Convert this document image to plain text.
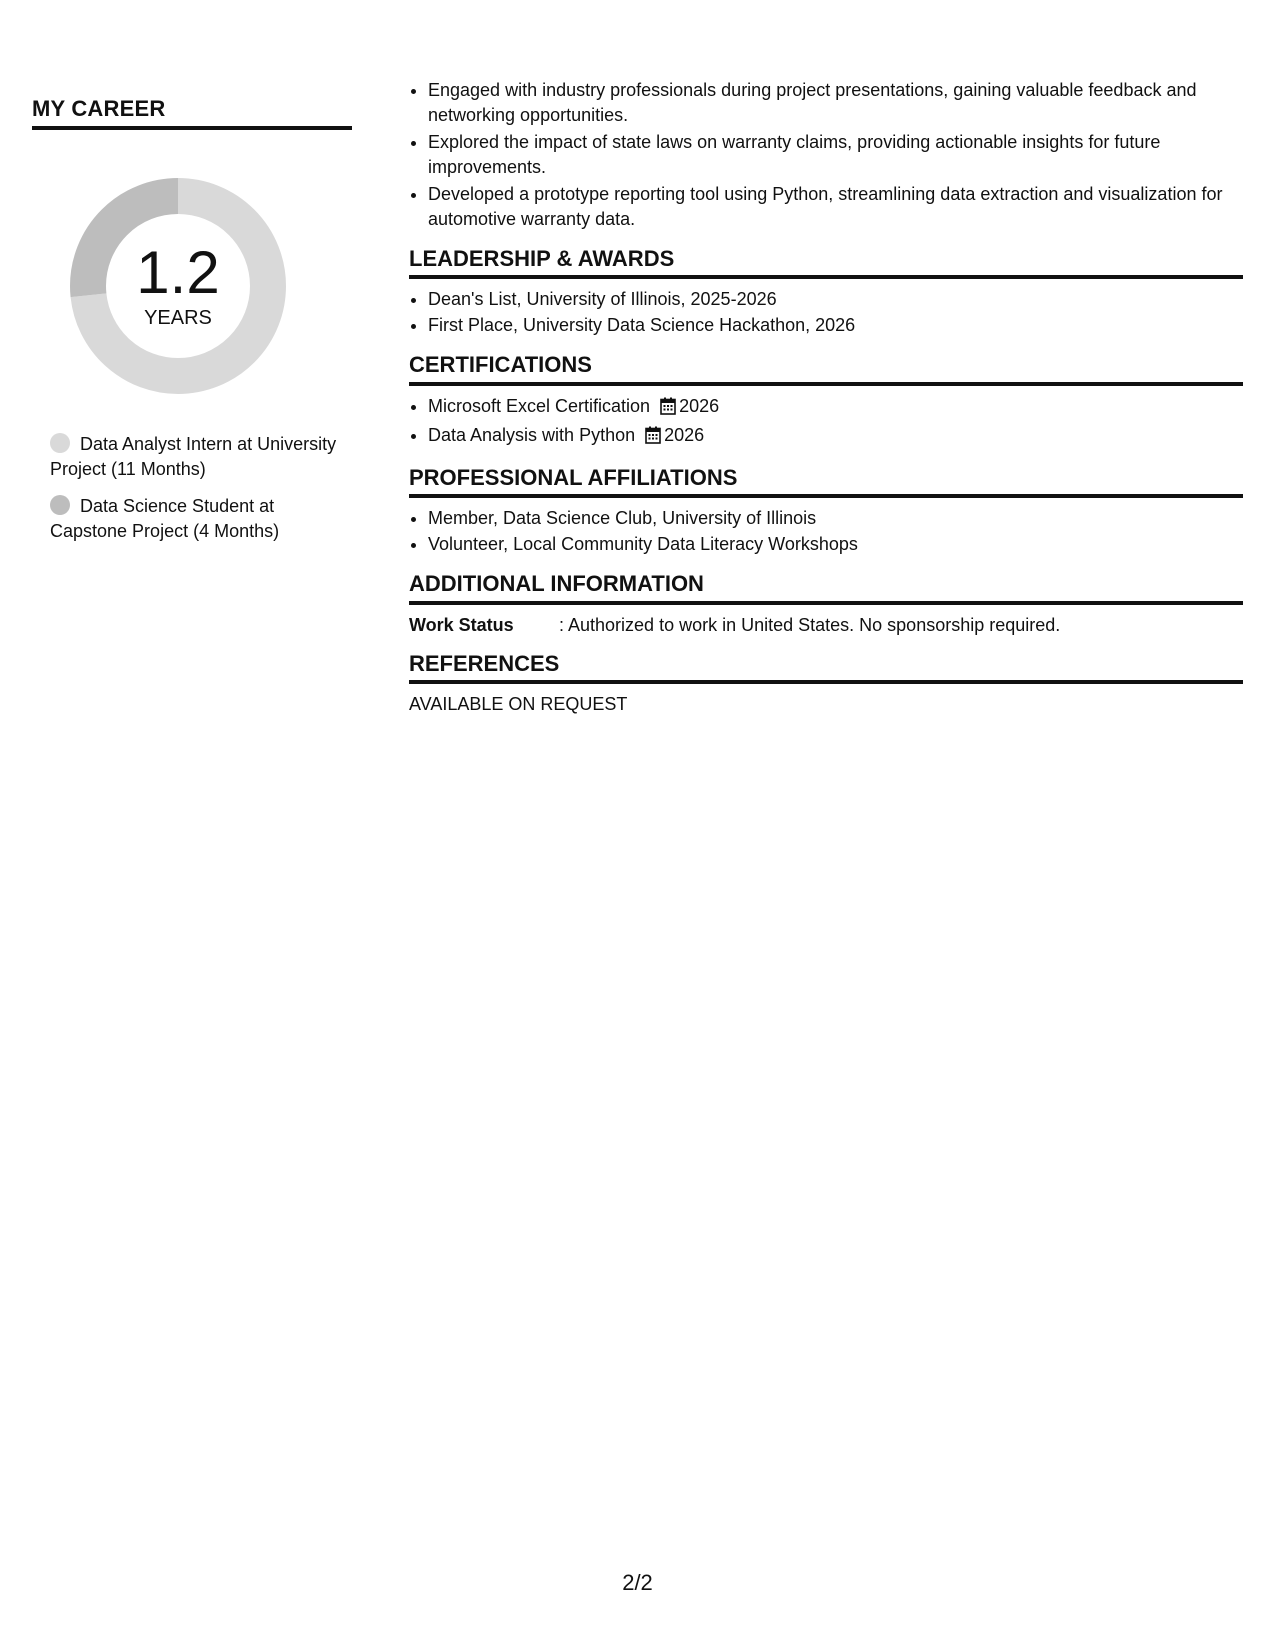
MY CAREER
1.2
YEARS
Data Analyst Intern at University Project (11 Months)
Data Science Student at Capstone Project (4 Months)
• Engaged with industry professionals during project presentations, gaining valuable feedback and networking opportunities.
• Explored the impact of state laws on warranty claims, providing actionable insights for future improvements.
• Developed a prototype reporting tool using Python, streamlining data extraction and visualization for automotive warranty data.
LEADERSHIP & AWARDS
• Dean's List, University of Illinois, 2025-2026
• First Place, University Data Science Hackathon, 2026
CERTIFICATIONS
• Microsoft Excel Certification 2026
• Data Analysis with Python 2026
PROFESSIONAL AFFILIATIONS
• Member, Data Science Club, University of Illinois
• Volunteer, Local Community Data Literacy Workshops
ADDITIONAL INFORMATION
Work Status	: Authorized to work in United States. No sponsorship required.
REFERENCES
AVAILABLE ON REQUEST
2/2
